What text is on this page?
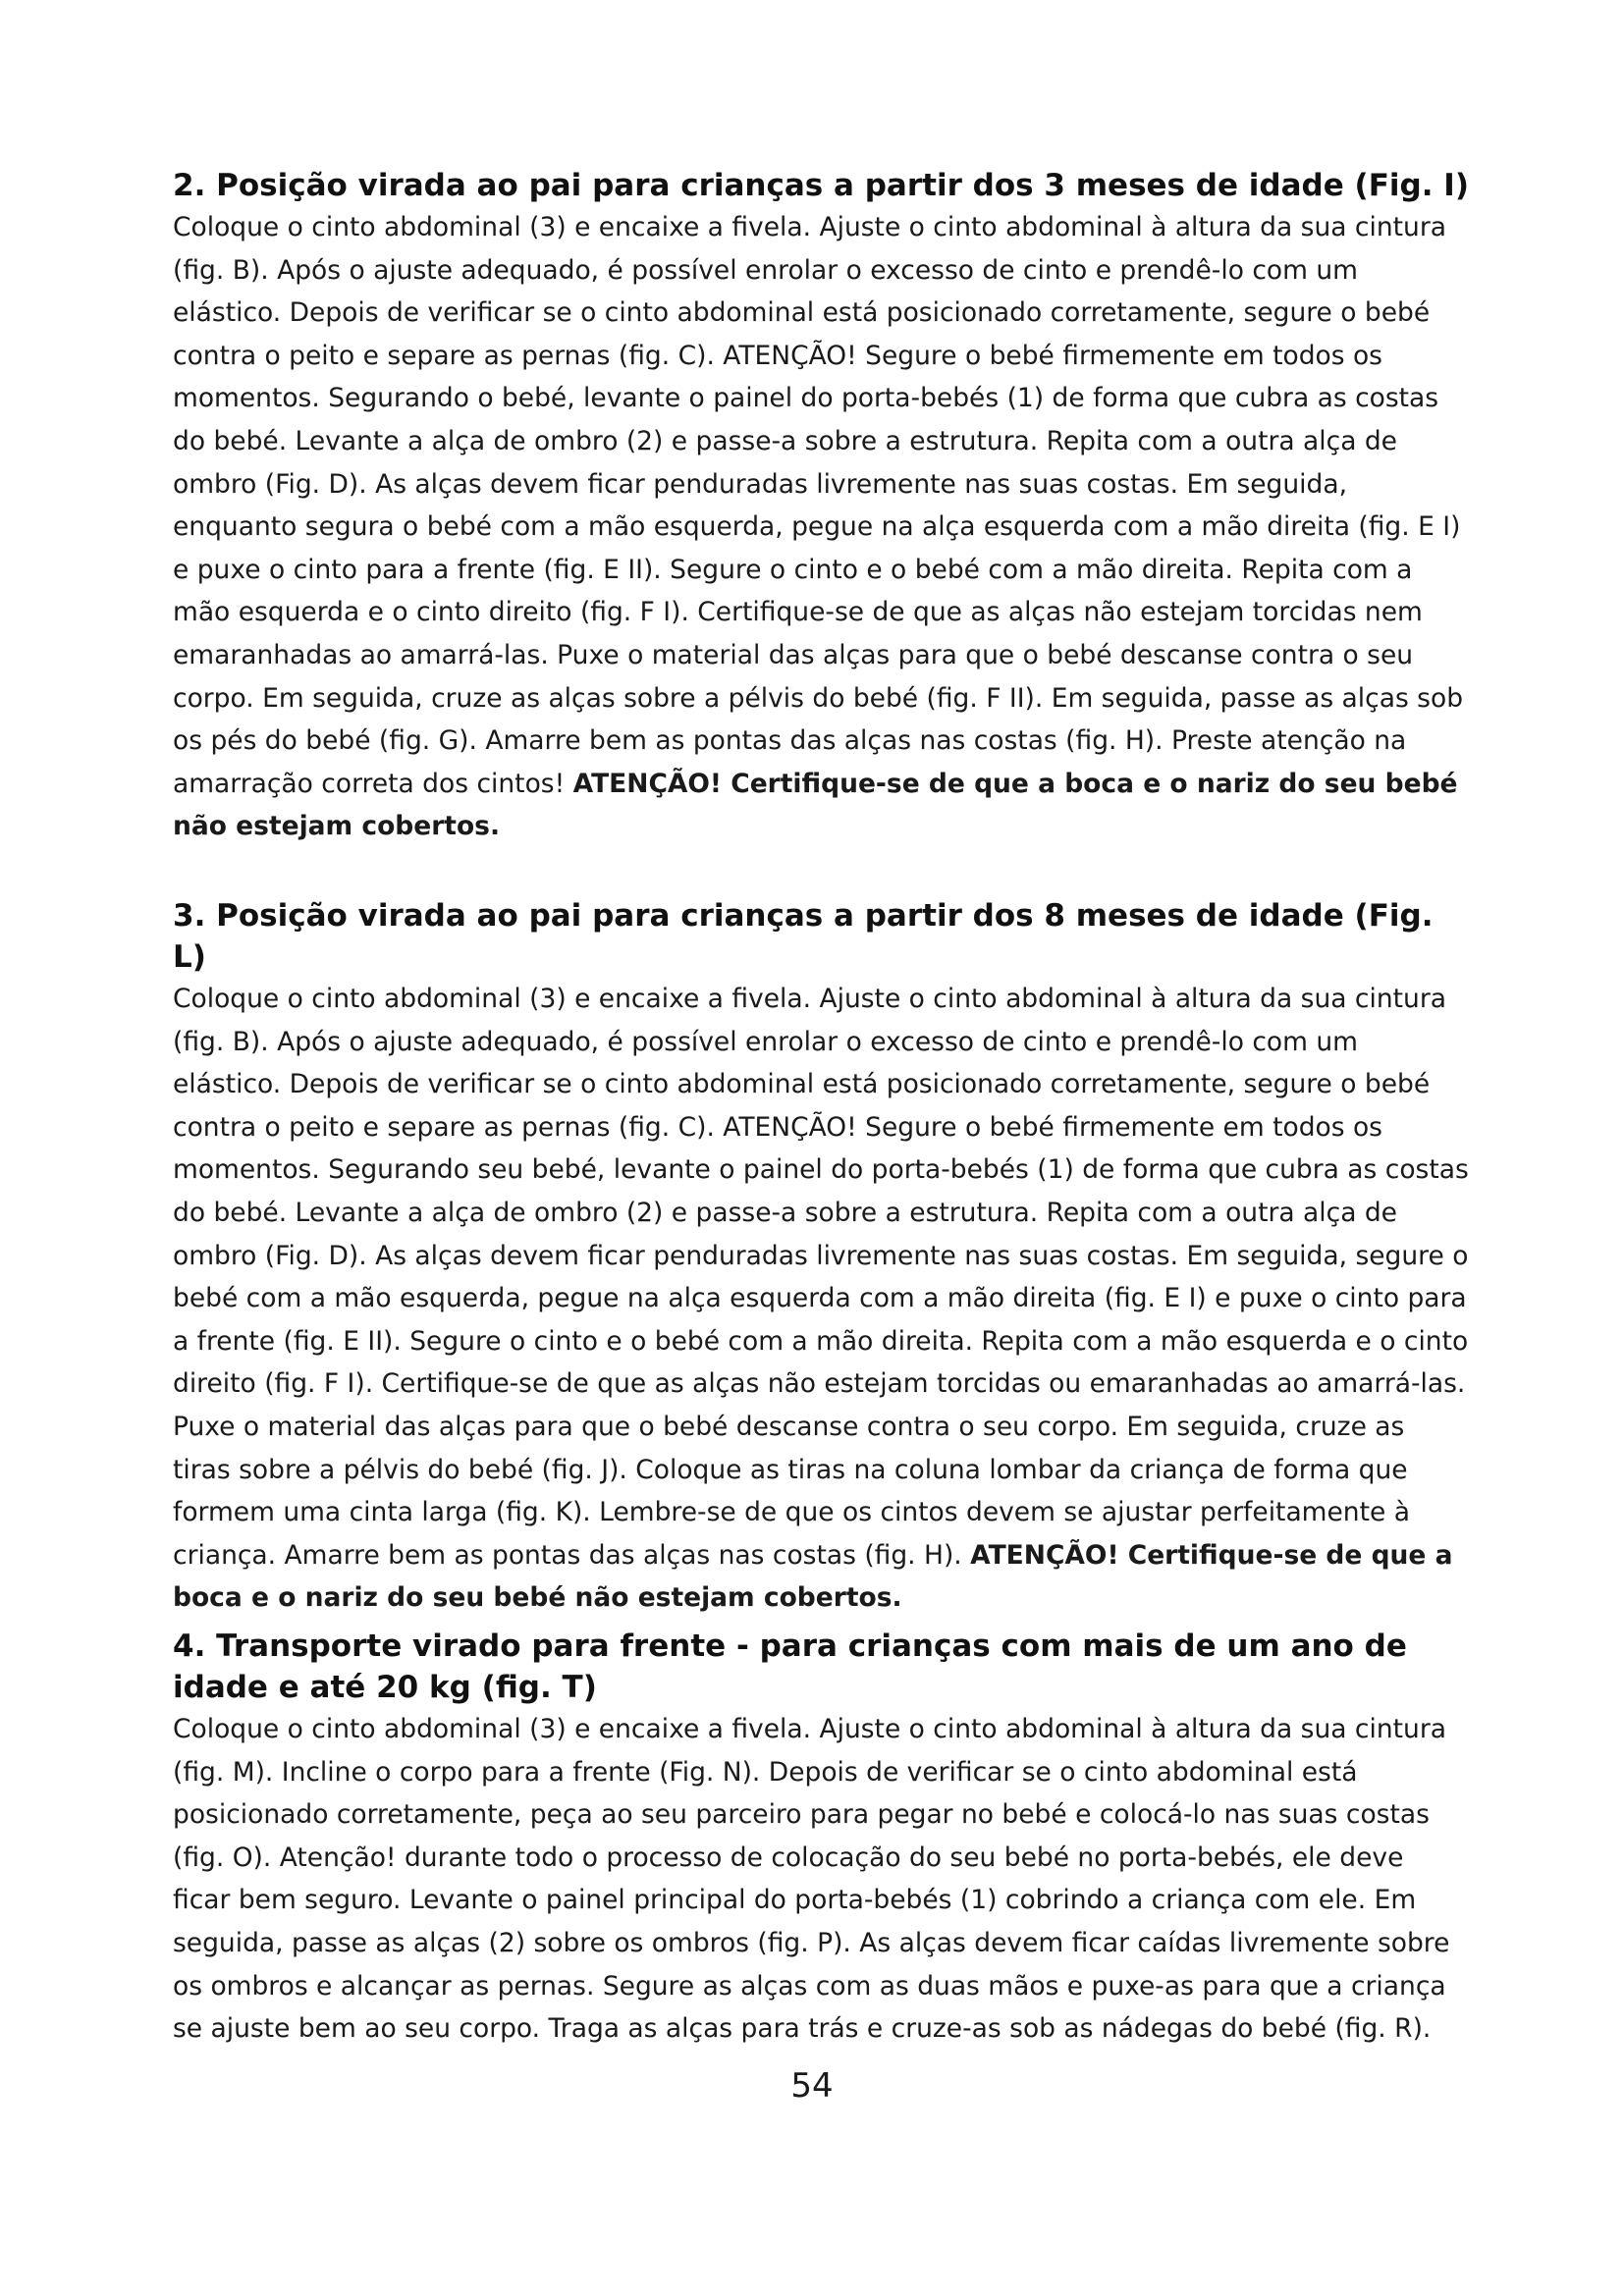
2. Posição virada ao pai para crianças a partir dos 3 meses de idade (Fig. I)

Coloque o cinto abdominal (3) e encaixe a fivela. Ajuste o cinto abdominal à altura da sua cintura (fig. B). Após o ajuste adequado, é possível enrolar o excesso de cinto e prendê-lo com um elástico. Depois de verificar se o cinto abdominal está posicionado corretamente, segure o bebé contra o peito e separe as pernas (fig. C). ATENÇÃO! Segure o bebé firmemente em todos os momentos. Segurando o bebé, levante o painel do porta-bebés (1) de forma que cubra as costas do bebé. Levante a alça de ombro (2) e passe-a sobre a estrutura. Repita com a outra alça de ombro (Fig. D). As alças devem ficar penduradas livremente nas suas costas. Em seguida, enquanto segura o bebé com a mão esquerda, pegue na alça esquerda com a mão direita (fig. E I) e puxe o cinto para a frente (fig. E II). Segure o cinto e o bebé com a mão direita. Repita com a mão esquerda e o cinto direito (fig. F I). Certifique-se de que as alças não estejam torcidas nem emaranhadas ao amarrá-las. Puxe o material das alças para que o bebé descanse contra o seu corpo. Em seguida, cruze as alças sobre a pélvis do bebé (fig. F II). Em seguida, passe as alças sob os pés do bebé (fig. G). Amarre bem as pontas das alças nas costas (fig. H). Preste atenção na amarração correta dos cintos! ATENÇÃO! Certifique-se de que a boca e o nariz do seu bebé não estejam cobertos.

3. Posição virada ao pai para crianças a partir dos 8 meses de idade (Fig. L)

Coloque o cinto abdominal (3) e encaixe a fivela. Ajuste o cinto abdominal à altura da sua cintura (fig. B). Após o ajuste adequado, é possível enrolar o excesso de cinto e prendê-lo com um elástico. Depois de verificar se o cinto abdominal está posicionado corretamente, segure o bebé contra o peito e separe as pernas (fig. C). ATENÇÃO! Segure o bebé firmemente em todos os momentos. Segurando seu bebé, levante o painel do porta-bebés (1) de forma que cubra as costas do bebé. Levante a alça de ombro (2) e passe-a sobre a estrutura. Repita com a outra alça de ombro (Fig. D). As alças devem ficar penduradas livremente nas suas costas. Em seguida, segure o bebé com a mão esquerda, pegue na alça esquerda com a mão direita (fig. E I) e puxe o cinto para a frente (fig. E II). Segure o cinto e o bebé com a mão direita. Repita com a mão esquerda e o cinto direito (fig. F I). Certifique-se de que as alças não estejam torcidas ou emaranhadas ao amarrá-las. Puxe o material das alças para que o bebé descanse contra o seu corpo. Em seguida, cruze as tiras sobre a pélvis do bebé (fig. J). Coloque as tiras na coluna lombar da criança de forma que formem uma cinta larga (fig. K). Lembre-se de que os cintos devem se ajustar perfeitamente à criança. Amarre bem as pontas das alças nas costas (fig. H). ATENÇÃO! Certifique-se de que a boca e o nariz do seu bebé não estejam cobertos.

4. Transporte virado para frente - para crianças com mais de um ano de idade e até 20 kg (fig. T)

Coloque o cinto abdominal (3) e encaixe a fivela. Ajuste o cinto abdominal à altura da sua cintura (fig. M). Incline o corpo para a frente (Fig. N). Depois de verificar se o cinto abdominal está posicionado corretamente, peça ao seu parceiro para pegar no bebé e colocá-lo nas suas costas (fig. O). Atenção! durante todo o processo de colocação do seu bebé no porta-bebés, ele deve ficar bem seguro. Levante o painel principal do porta-bebés (1) cobrindo a criança com ele. Em seguida, passe as alças (2) sobre os ombros (fig. P). As alças devem ficar caídas livremente sobre os ombros e alcançar as pernas. Segure as alças com as duas mãos e puxe-as para que a criança se ajuste bem ao seu corpo. Traga as alças para trás e cruze-as sob as nádegas do bebé (fig. R).

54
